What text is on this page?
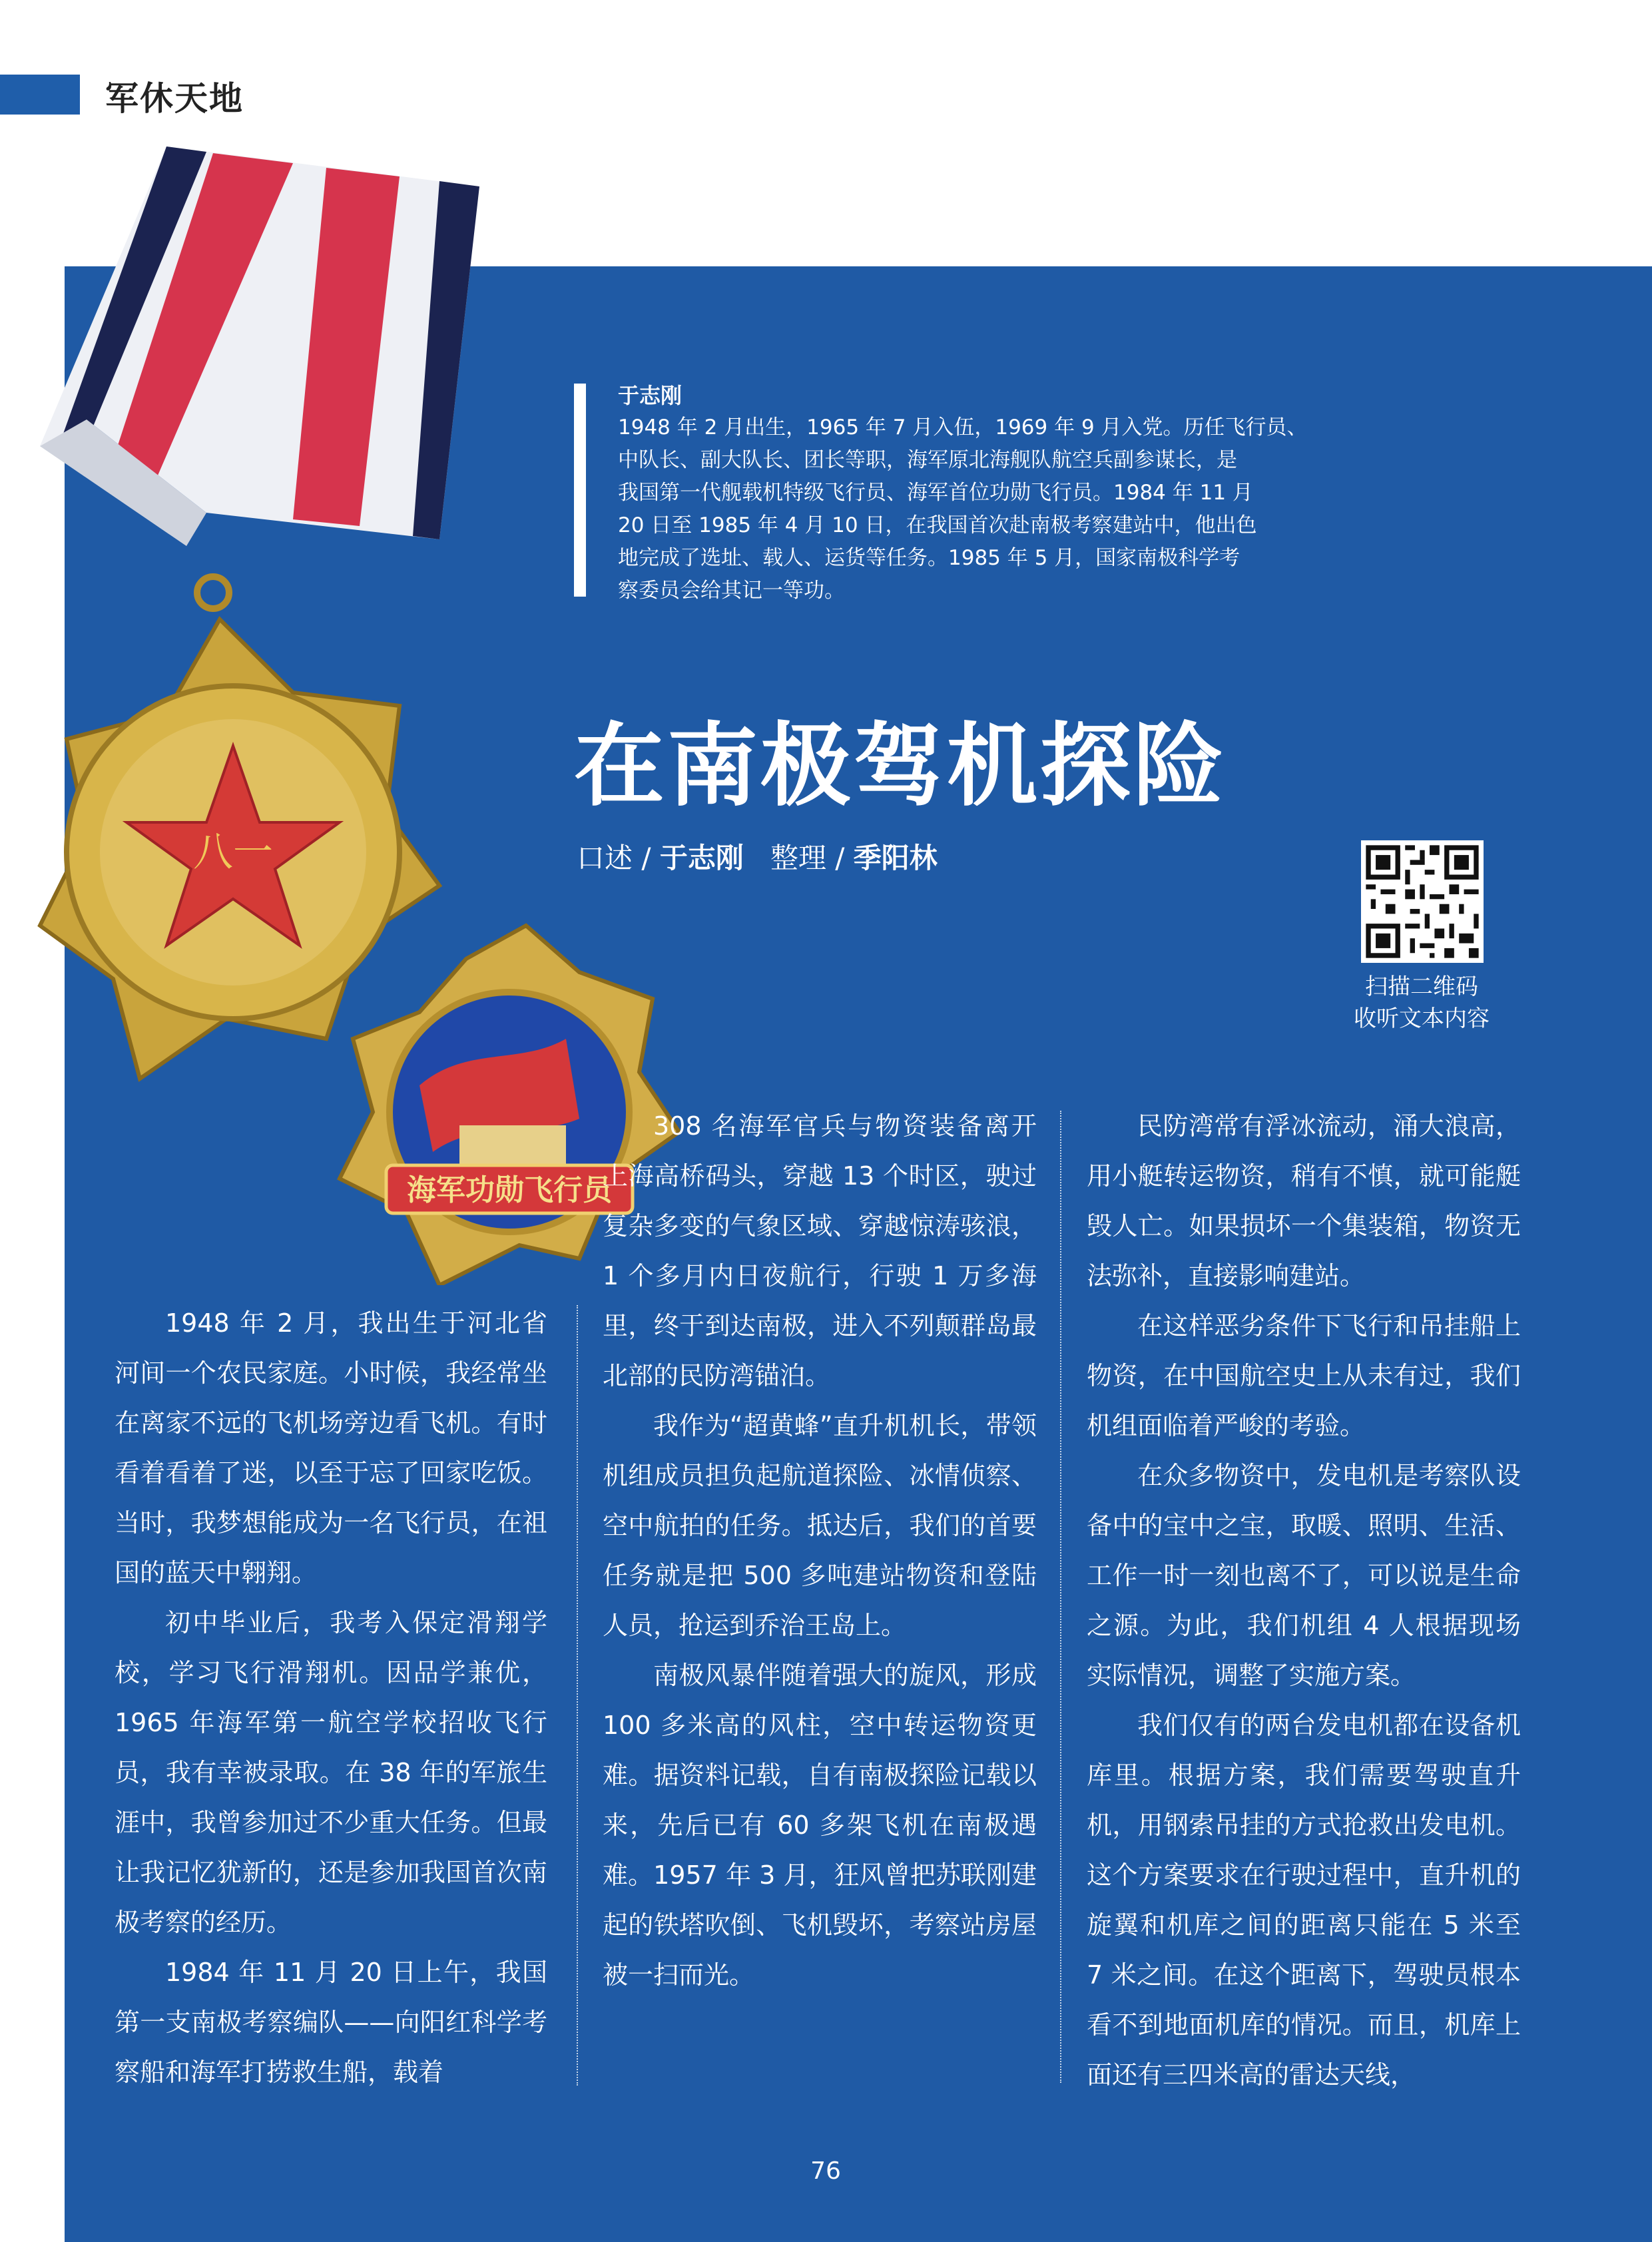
军休天地
八一
海军功勋飞行员
于志刚
1948 年 2 月出生，1965 年 7 月入伍，1969 年 9 月入党。历任飞行员、
中队长、副大队长、团长等职，海军原北海舰队航空兵副参谋长，是
我国第一代舰载机特级飞行员、海军首位功勋飞行员。1984 年 11 月
20 日至 1985 年 4 月 10 日，在我国首次赴南极考察建站中，他出色
地完成了选址、载人、运货等任务。1985 年 5 月，国家南极科学考
察委员会给其记一等功。
在南极驾机探险
口述 / 于志刚 整理 / 季阳林
扫描二维码
收听文本内容

1948 年 2 月，我出生于河北省河间一个农民家庭。小时候，我经常坐在离家不远的飞机场旁边看飞机。有时看着看着了迷，以至于忘了回家吃饭。当时，我梦想能成为一名飞行员，在祖国的蓝天中翱翔。

初中毕业后，我考入保定滑翔学校，学习飞行滑翔机。因品学兼优，1965 年海军第一航空学校招收飞行员，我有幸被录取。在 38 年的军旅生涯中，我曾参加过不少重大任务。但最让我记忆犹新的，还是参加我国首次南极考察的经历。

1984 年 11 月 20 日上午，我国第一支南极考察编队——向阳红科学考察船和海军打捞救生船，载着

308 名海军官兵与物资装备离开上海高桥码头，穿越 13 个时区，驶过复杂多变的气象区域、穿越惊涛骇浪，1 个多月内日夜航行，行驶 1 万多海里，终于到达南极，进入不列颠群岛最北部的民防湾锚泊。

我作为“超黄蜂”直升机机长，带领机组成员担负起航道探险、冰情侦察、空中航拍的任务。抵达后，我们的首要任务就是把 500 多吨建站物资和登陆人员，抢运到乔治王岛上。

南极风暴伴随着强大的旋风，形成 100 多米高的风柱，空中转运物资更难。据资料记载，自有南极探险记载以来，先后已有 60 多架飞机在南极遇难。1957 年 3 月，狂风曾把苏联刚建起的铁塔吹倒、飞机毁坏，考察站房屋被一扫而光。

民防湾常有浮冰流动，涌大浪高，用小艇转运物资，稍有不慎，就可能艇毁人亡。如果损坏一个集装箱，物资无法弥补，直接影响建站。

在这样恶劣条件下飞行和吊挂船上物资，在中国航空史上从未有过，我们机组面临着严峻的考验。

在众多物资中，发电机是考察队设备中的宝中之宝，取暖、照明、生活、工作一时一刻也离不了，可以说是生命之源。为此，我们机组 4 人根据现场实际情况，调整了实施方案。

我们仅有的两台发电机都在设备机库里。根据方案，我们需要驾驶直升机，用钢索吊挂的方式抢救出发电机。这个方案要求在行驶过程中，直升机的旋翼和机库之间的距离只能在 5 米至 7 米之间。在这个距离下，驾驶员根本看不到地面机库的情况。而且，机库上面还有三四米高的雷达天线，

76
